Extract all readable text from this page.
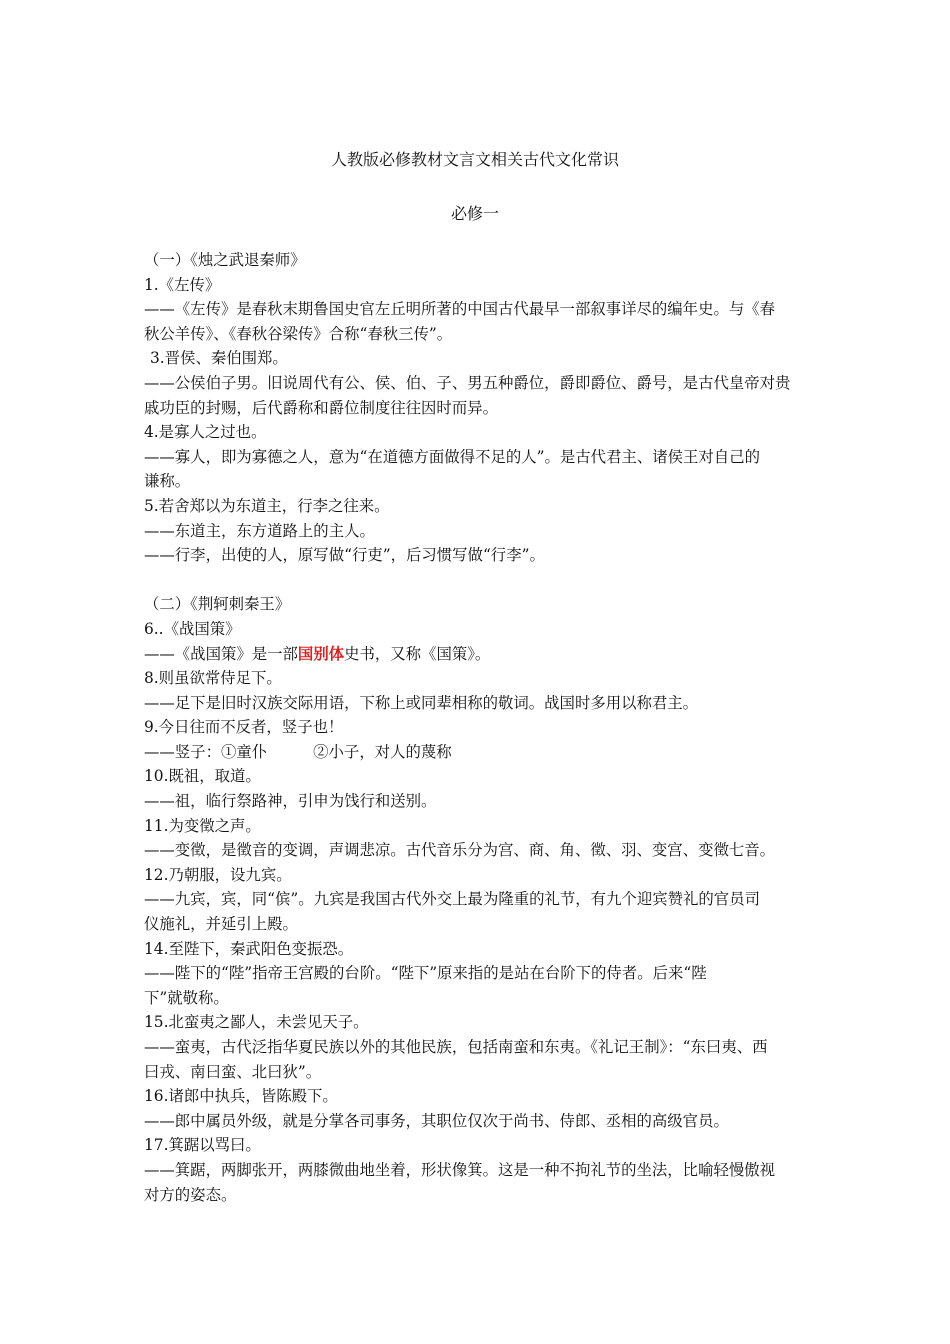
人教版必修教材文言文相关古代文化常识
必修一
（一）《烛之武退秦师》
1.《左传》
——《左传》是春秋末期鲁国史官左丘明所著的中国古代最早一部叙事详尽的编年史。与《春
秋公羊传》、《春秋谷梁传》合称“春秋三传”。
3.晋侯、秦伯围郑。
——公侯伯子男。旧说周代有公、侯、伯、子、男五种爵位，爵即爵位、爵号，是古代皇帝对贵
戚功臣的封赐，后代爵称和爵位制度往往因时而异。
4.是寡人之过也。
——寡人，即为寡德之人，意为“在道德方面做得不足的人”。是古代君主、诸侯王对自己的
谦称。
5.若舍郑以为东道主，行李之往来。
——东道主，东方道路上的主人。
——行李，出使的人，原写做“行吏”，后习惯写做“行李”。
（二）《荆轲刺秦王》
6..《战国策》
——《战国策》是一部国别体史书，又称《国策》。
8.则虽欲常侍足下。
——足下是旧时汉族交际用语，下称上或同辈相称的敬词。战国时多用以称君主。
9.今日往而不反者，竖子也！
——竖子：①童仆	②小子，对人的蔑称
10.既祖，取道。
——祖，临行祭路神，引申为饯行和送别。
11.为变徵之声。
——变徵，是徵音的变调，声调悲凉。古代音乐分为宫、商、角、徵、羽、变宫、变徵七音。
12.乃朝服，设九宾。
——九宾，宾，同“傧”。九宾是我国古代外交上最为隆重的礼节，有九个迎宾赞礼的官员司
仪施礼，并延引上殿。
14.至陛下，秦武阳色变振恐。
——陛下的“陛”指帝王宫殿的台阶。“陛下”原来指的是站在台阶下的侍者。后来“陛
下”就敬称。
15.北蛮夷之鄙人，未尝见天子。
——蛮夷，古代泛指华夏民族以外的其他民族，包括南蛮和东夷。《礼记王制》：“东曰夷、西
曰戎、南曰蛮、北曰狄”。
16.诸郎中执兵，皆陈殿下。
——郎中属员外级，就是分掌各司事务，其职位仅次于尚书、侍郎、丞相的高级官员。
17.箕踞以骂曰。
——箕踞，两脚张开，两膝微曲地坐着，形状像箕。这是一种不拘礼节的坐法，比喻轻慢傲视
对方的姿态。
